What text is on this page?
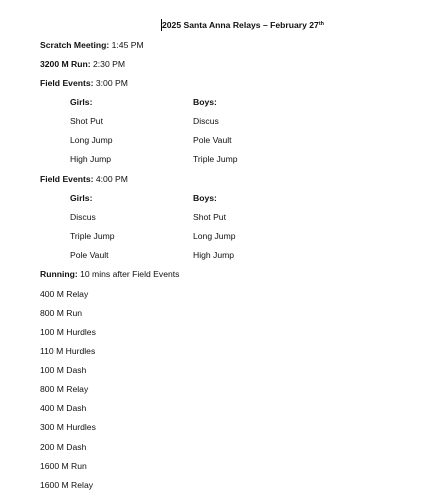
2025 Santa Anna Relays – February 27th
Scratch Meeting: 1:45 PM
3200 M Run: 2:30 PM
Field Events: 3:00 PM
Girls:	Boys:
Shot Put	Discus
Long Jump	Pole Vault
High Jump	Triple Jump
Field Events: 4:00 PM
Girls:	Boys:
Discus	Shot Put
Triple Jump	Long Jump
Pole Vault	High Jump
Running: 10 mins after Field Events
400 M Relay
800 M Run
100 M Hurdles
110 M Hurdles
100 M Dash
800 M Relay
400 M Dash
300 M Hurdles
200 M Dash
1600 M Run
1600 M Relay
